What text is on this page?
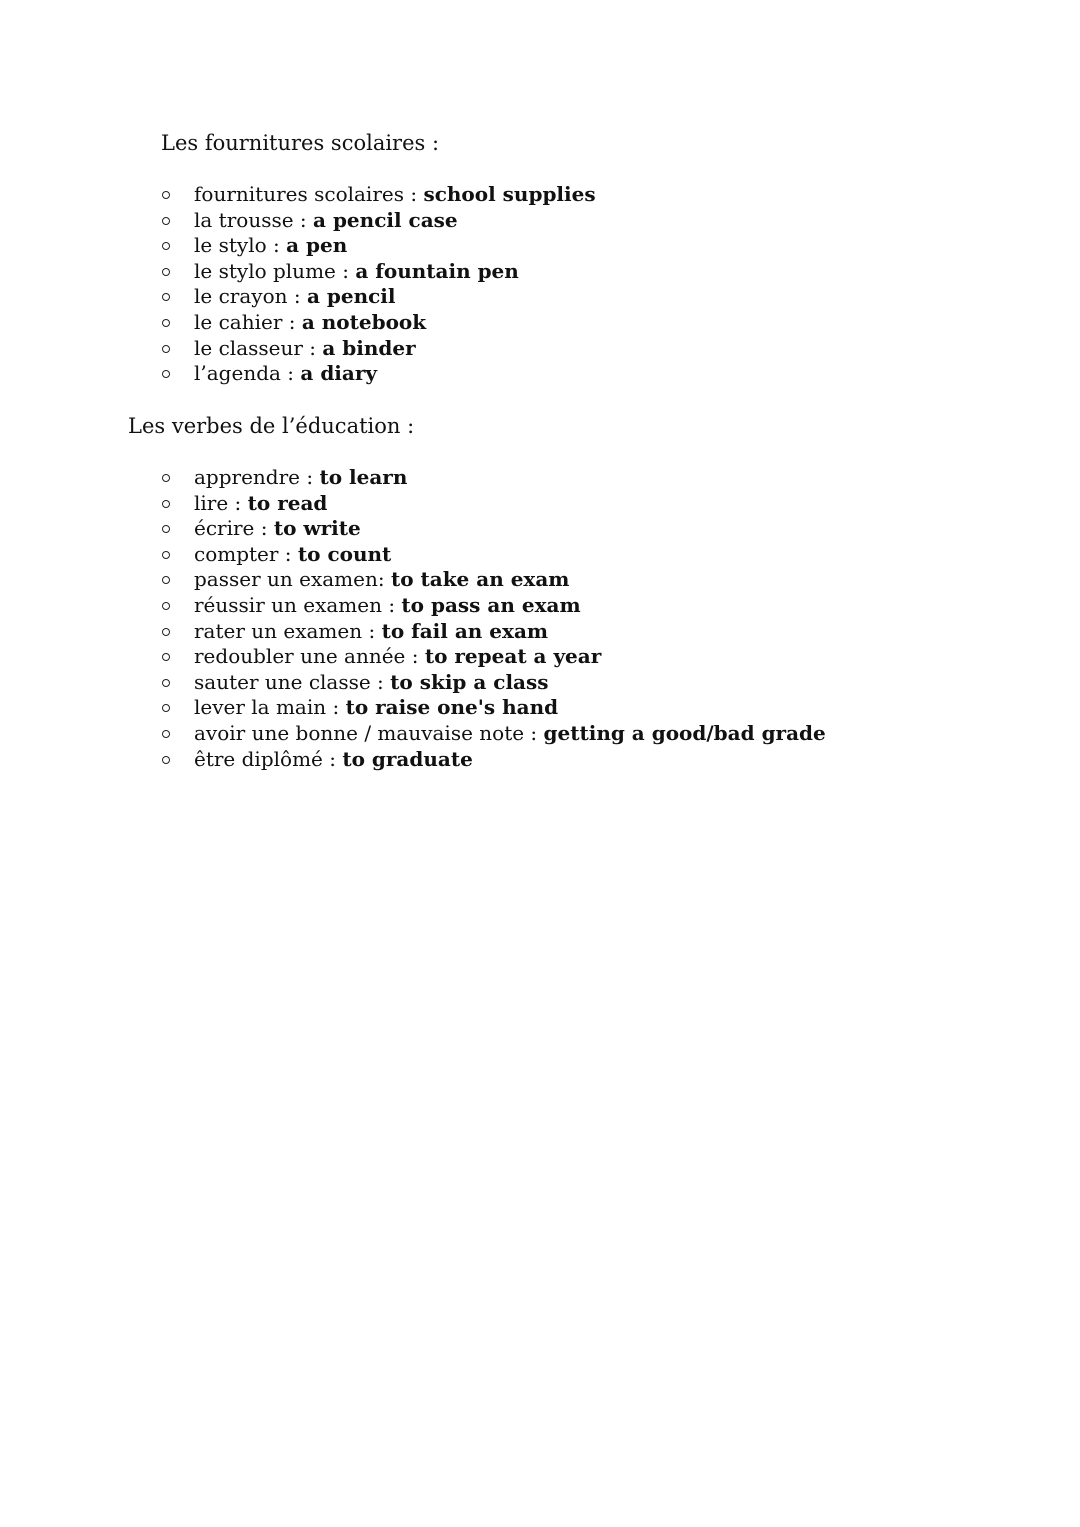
Les fournitures scolaires :
fournitures scolaires : school supplies
la trousse : a pencil case
le stylo : a pen
le stylo plume : a fountain pen
le crayon : a pencil
le cahier : a notebook
le classeur : a binder
l’agenda : a diary
Les verbes de l’éducation :
apprendre : to learn
lire : to read
écrire : to write
compter : to count
passer un examen: to take an exam
réussir un examen : to pass an exam
rater un examen : to fail an exam
redoubler une année : to repeat a year
sauter une classe : to skip a class
lever la main : to raise one's hand
avoir une bonne / mauvaise note : getting a good/bad grade
être diplômé : to graduate
